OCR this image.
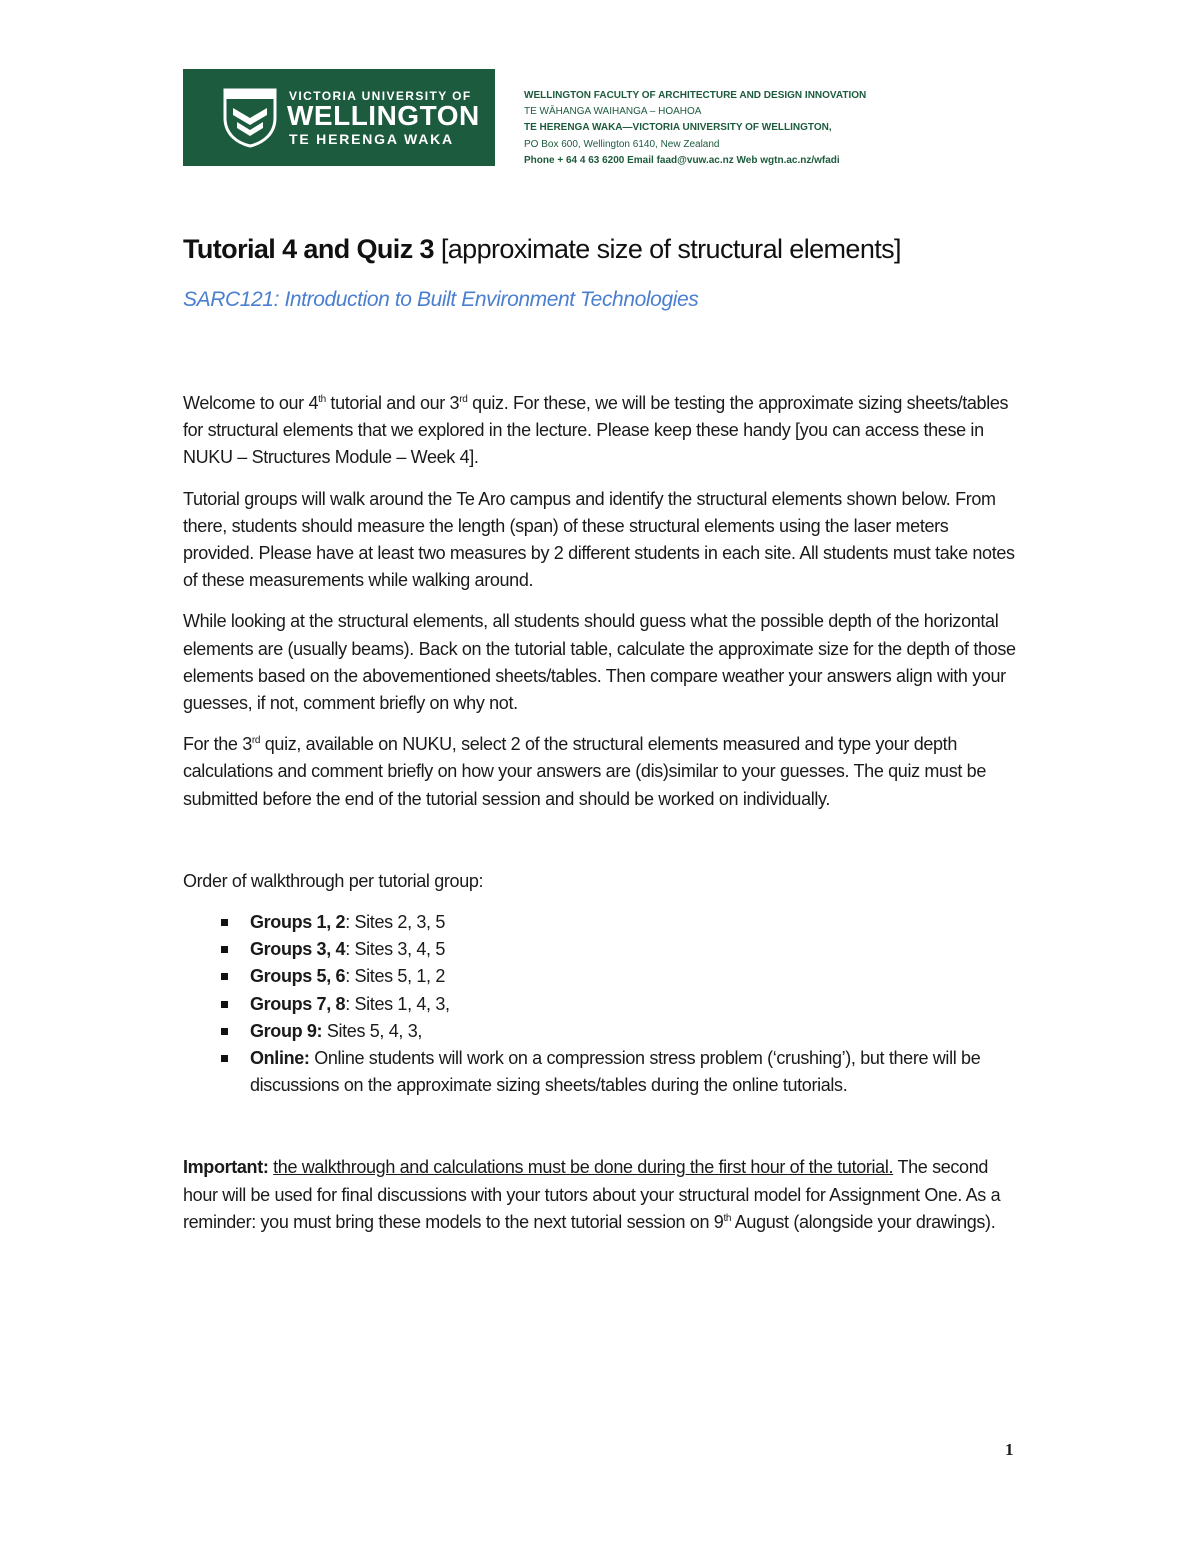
VICTORIA UNIVERSITY OF
WELLINGTON
TE HERENGA WAKA
WELLINGTON FACULTY OF ARCHITECTURE AND DESIGN INNOVATION
TE WĀHANGA WAIHANGA – HOAHOA
TE HERENGA WAKA—VICTORIA UNIVERSITY OF WELLINGTON,
PO Box 600, Wellington 6140, New Zealand
Phone + 64 4 63 6200 Email faad@vuw.ac.nz Web wgtn.ac.nz/wfadi
Tutorial 4 and Quiz 3 [approximate size of structural elements]
SARC121: Introduction to Built Environment Technologies

Welcome to our 4th tutorial and our 3rd quiz. For these, we will be testing the approximate sizing sheets/tables for structural elements that we explored in the lecture. Please keep these handy [you can access these in NUKU – Structures Module – Week 4].

Tutorial groups will walk around the Te Aro campus and identify the structural elements shown below. From there, students should measure the length (span) of these structural elements using the laser meters provided. Please have at least two measures by 2 different students in each site. All students must take notes of these measurements while walking around.

While looking at the structural elements, all students should guess what the possible depth of the horizontal elements are (usually beams). Back on the tutorial table, calculate the approximate size for the depth of those elements based on the abovementioned sheets/tables. Then compare weather your answers align with your guesses, if not, comment briefly on why not.

For the 3rd quiz, available on NUKU, select 2 of the structural elements measured and type your depth calculations and comment briefly on how your answers are (dis)similar to your guesses. The quiz must be submitted before the end of the tutorial session and should be worked on individually.

Order of walkthrough per tutorial group:

Groups 1, 2: Sites 2, 3, 5
Groups 3, 4: Sites 3, 4, 5
Groups 5, 6: Sites 5, 1, 2
Groups 7, 8: Sites 1, 4, 3,
Group 9: Sites 5, 4, 3,
Online: Online students will work on a compression stress problem (‘crushing’), but there will be discussions on the approximate sizing sheets/tables during the online tutorials.

Important: the walkthrough and calculations must be done during the first hour of the tutorial. The second hour will be used for final discussions with your tutors about your structural model for Assignment One. As a reminder: you must bring these models to the next tutorial session on 9th August (alongside your drawings).

1
